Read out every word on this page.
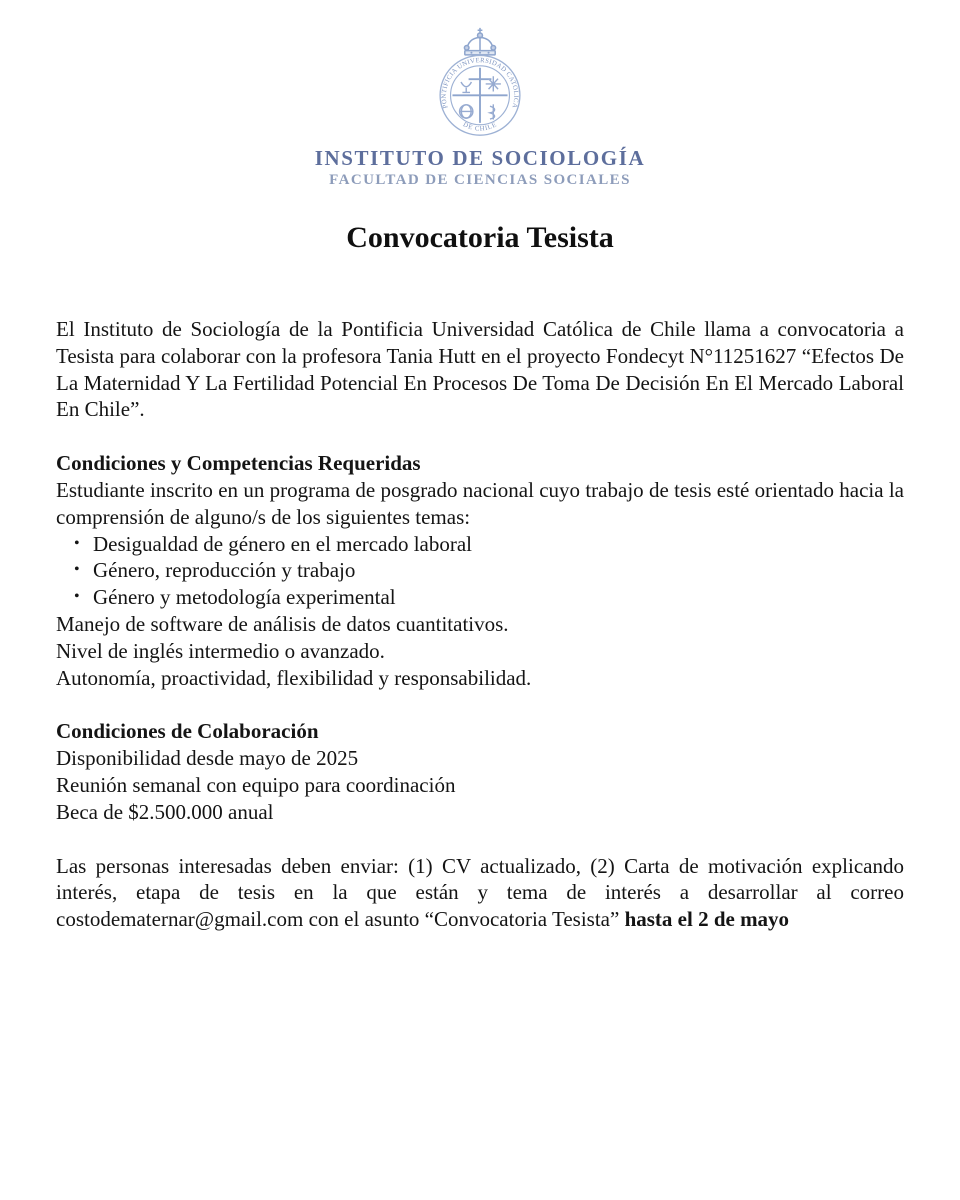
PONTIFICIA UNIVERSIDAD CATOLICA
DE CHILE
INSTITUTO DE SOCIOLOGÍA
FACULTAD DE CIENCIAS SOCIALES
Convocatoria Tesista

El Instituto de Sociología de la Pontificia Universidad Católica de Chile llama a convocatoria a Tesista para colaborar con la profesora Tania Hutt en el proyecto Fondecyt N°11251627 “Efectos De La Maternidad Y La Fertilidad Potencial En Procesos De Toma De Decisión En El Mercado Laboral En Chile”.

Condiciones y Competencias Requeridas

Estudiante inscrito en un programa de posgrado nacional cuyo trabajo de tesis esté orientado hacia la comprensión de alguno/s de los siguientes temas:

• Desigualdad de género en el mercado laboral
• Género, reproducción y trabajo
• Género y metodología experimental

Manejo de software de análisis de datos cuantitativos.

Nivel de inglés intermedio o avanzado.

Autonomía, proactividad, flexibilidad y responsabilidad.

Condiciones de Colaboración

Disponibilidad desde mayo de 2025

Reunión semanal con equipo para coordinación

Beca de $2.500.000 anual

Las personas interesadas deben enviar: (1) CV actualizado, (2) Carta de motivación explicando interés, etapa de tesis en la que están y tema de interés a desarrollar al correo costodematernar@gmail.com con el asunto “Convocatoria Tesista” hasta el 2 de mayo
